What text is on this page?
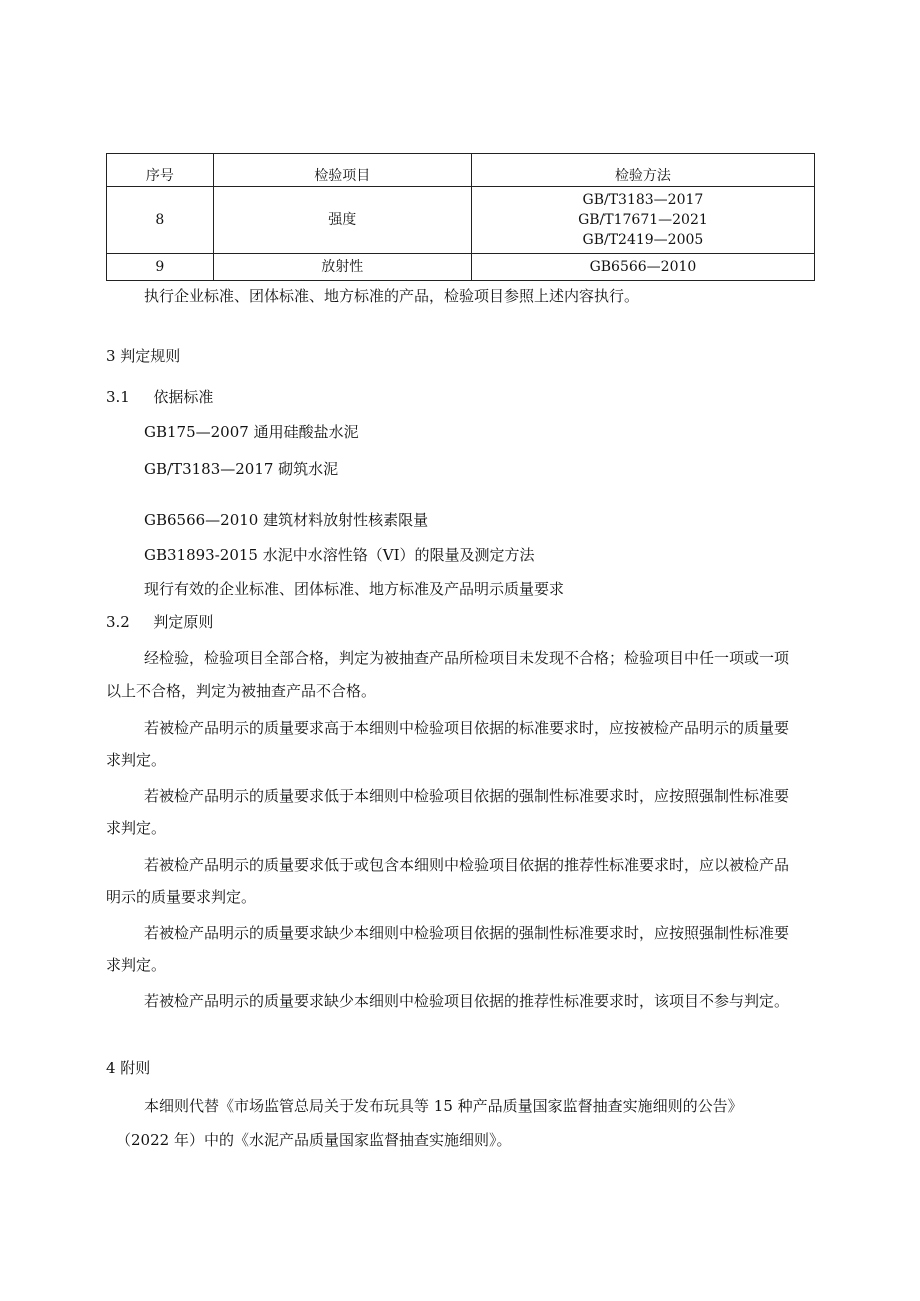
序号	检验项目	检验方法
8	强度	GB/T3183—2017
GB/T17671—2021
GB/T2419—2005

9	放射性	GB6566—2010
执行企业标准、团体标准、地方标准的产品，检验项目参照上述内容执行。
3 判定规则
3.1 依据标准
GB175—2007 通用硅酸盐水泥
GB/T3183—2017 砌筑水泥
GB6566—2010 建筑材料放射性核素限量
GB31893-2015 水泥中水溶性铬（VI）的限量及测定方法
现行有效的企业标准、团体标准、地方标准及产品明示质量要求
3.2 判定原则
经检验，检验项目全部合格，判定为被抽查产品所检项目未发现不合格；检验项目中任一项或一项
以上不合格，判定为被抽查产品不合格。
若被检产品明示的质量要求高于本细则中检验项目依据的标准要求时，应按被检产品明示的质量要
求判定。
若被检产品明示的质量要求低于本细则中检验项目依据的强制性标准要求时，应按照强制性标准要
求判定。
若被检产品明示的质量要求低于或包含本细则中检验项目依据的推荐性标准要求时，应以被检产品
明示的质量要求判定。
若被检产品明示的质量要求缺少本细则中检验项目依据的强制性标准要求时，应按照强制性标准要
求判定。
若被检产品明示的质量要求缺少本细则中检验项目依据的推荐性标准要求时，该项目不参与判定。
4 附则
本细则代替《市场监管总局关于发布玩具等 15 种产品质量国家监督抽查实施细则的公告》
（2022 年）中的《水泥产品质量国家监督抽查实施细则》。
